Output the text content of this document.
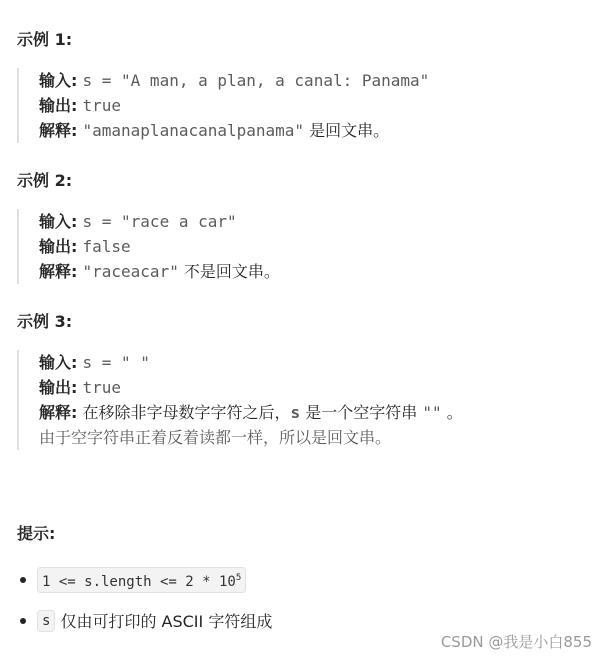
示例 1:
输入: s = "A man, a plan, a canal: Panama"
输出: true
解释: "amanaplanacanalpanama" 是回文串。
示例 2:
输入: s = "race a car"
输出: false
解释: "raceacar" 不是回文串。
示例 3:
输入: s = " "
输出: true
解释: 在移除非字母数字字符之后，s 是一个空字符串 "" 。
由于空字符串正着反着读都一样，所以是回文串。
提示:
1 <= s.length <= $2 * 10^5$
s 仅由可打印的 ASCII 字符组成
CSDN @我是小白855
